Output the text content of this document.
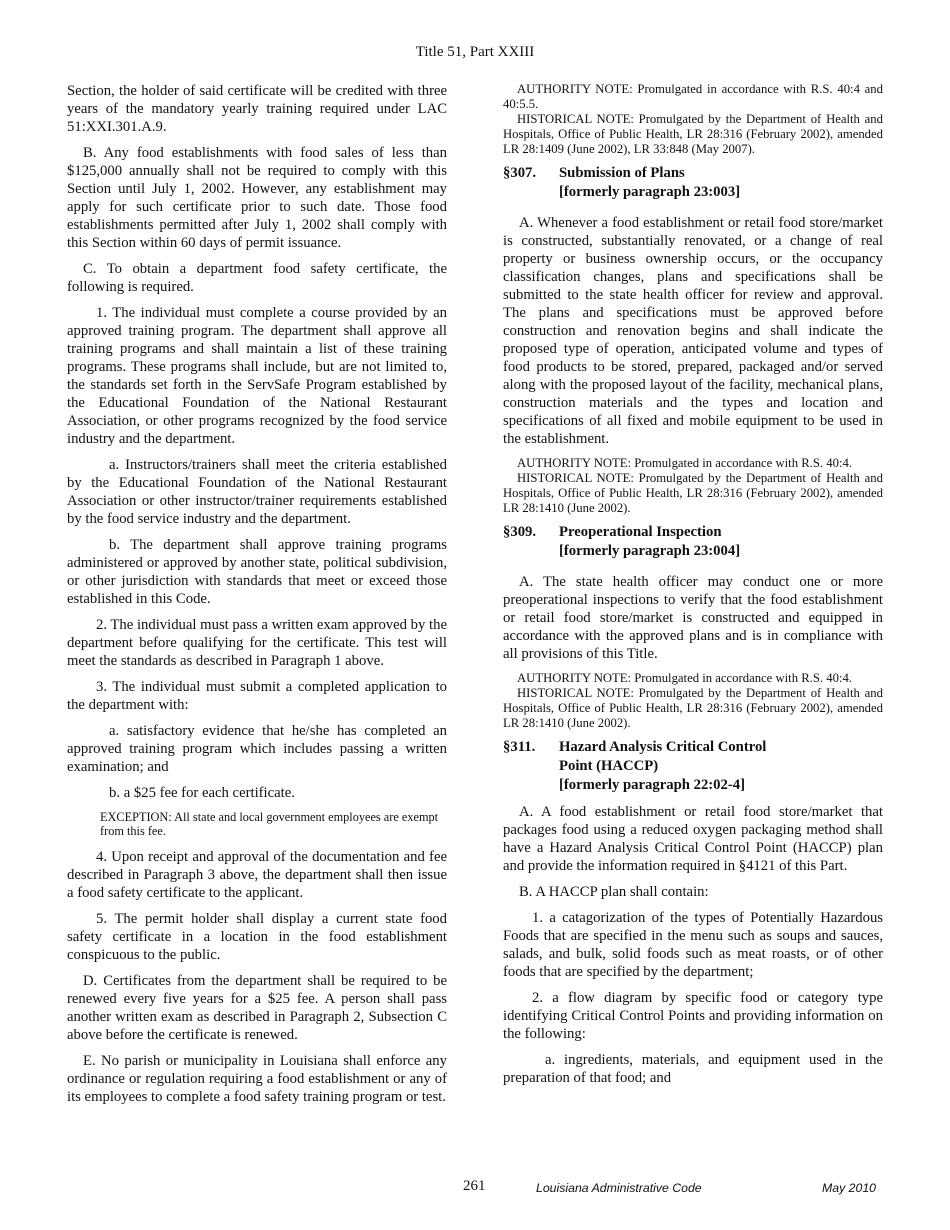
Title 51, Part XXIII

Section, the holder of said certificate will be credited with three years of the mandatory yearly training required under LAC 51:XXI.301.A.9.

B. Any food establishments with food sales of less than $125,000 annually shall not be required to comply with this Section until July 1, 2002. However, any establishment may apply for such certificate prior to such date. Those food establishments permitted after July 1, 2002 shall comply with this Section within 60 days of permit issuance.

C. To obtain a department food safety certificate, the following is required.

1. The individual must complete a course provided by an approved training program. The department shall approve all training programs and shall maintain a list of these training programs. These programs shall include, but are not limited to, the standards set forth in the ServSafe Program established by the Educational Foundation of the National Restaurant Association, or other programs recognized by the food service industry and the department.

a. Instructors/trainers shall meet the criteria established by the Educational Foundation of the National Restaurant Association or other instructor/trainer requirements established by the food service industry and the department.

b. The department shall approve training programs administered or approved by another state, political subdivision, or other jurisdiction with standards that meet or exceed those established in this Code.

2. The individual must pass a written exam approved by the department before qualifying for the certificate. This test will meet the standards as described in Paragraph 1 above.

3. The individual must submit a completed application to the department with:

a. satisfactory evidence that he/she has completed an approved training program which includes passing a written examination; and

b. a $25 fee for each certificate.

EXCEPTION: All state and local government employees are exempt from this fee.

4. Upon receipt and approval of the documentation and fee described in Paragraph 3 above, the department shall then issue a food safety certificate to the applicant.

5. The permit holder shall display a current state food safety certificate in a location in the food establishment conspicuous to the public.

D. Certificates from the department shall be required to be renewed every five years for a $25 fee. A person shall pass another written exam as described in Paragraph 2, Subsection C above before the certificate is renewed.

E. No parish or municipality in Louisiana shall enforce any ordinance or regulation requiring a food establishment or any of its employees to complete a food safety training program or test.

AUTHORITY NOTE: Promulgated in accordance with R.S. 40:4 and 40:5.5.

HISTORICAL NOTE: Promulgated by the Department of Health and Hospitals, Office of Public Health, LR 28:316 (February 2002), amended LR 28:1409 (June 2002), LR 33:848 (May 2007).

§307.	Submission of Plans
[formerly paragraph 23:003]

A. Whenever a food establishment or retail food store/market is constructed, substantially renovated, or a change of real property or business ownership occurs, or the occupancy classification changes, plans and specifications shall be submitted to the state health officer for review and approval. The plans and specifications must be approved before construction and renovation begins and shall indicate the proposed type of operation, anticipated volume and types of food products to be stored, prepared, packaged and/or served along with the proposed layout of the facility, mechanical plans, construction materials and the types and location and specifications of all fixed and mobile equipment to be used in the establishment.

AUTHORITY NOTE: Promulgated in accordance with R.S. 40:4.

HISTORICAL NOTE: Promulgated by the Department of Health and Hospitals, Office of Public Health, LR 28:316 (February 2002), amended LR 28:1410 (June 2002).

§309.	Preoperational Inspection
[formerly paragraph 23:004]

A. The state health officer may conduct one or more preoperational inspections to verify that the food establishment or retail food store/market is constructed and equipped in accordance with the approved plans and is in compliance with all provisions of this Title.

AUTHORITY NOTE: Promulgated in accordance with R.S. 40:4.

HISTORICAL NOTE: Promulgated by the Department of Health and Hospitals, Office of Public Health, LR 28:316 (February 2002), amended LR 28:1410 (June 2002).

§311.	Hazard Analysis Critical Control
Point (HACCP)
[formerly paragraph 22:02-4]

A. A food establishment or retail food store/market that packages food using a reduced oxygen packaging method shall have a Hazard Analysis Critical Control Point (HACCP) plan and provide the information required in §4121 of this Part.

B. A HACCP plan shall contain:

1. a catagorization of the types of Potentially Hazardous Foods that are specified in the menu such as soups and sauces, salads, and bulk, solid foods such as meat roasts, or of other foods that are specified by the department;

2. a flow diagram by specific food or category type identifying Critical Control Points and providing information on the following:

a. ingredients, materials, and equipment used in the preparation of that food; and

261	Louisiana Administrative Code	May 2010
